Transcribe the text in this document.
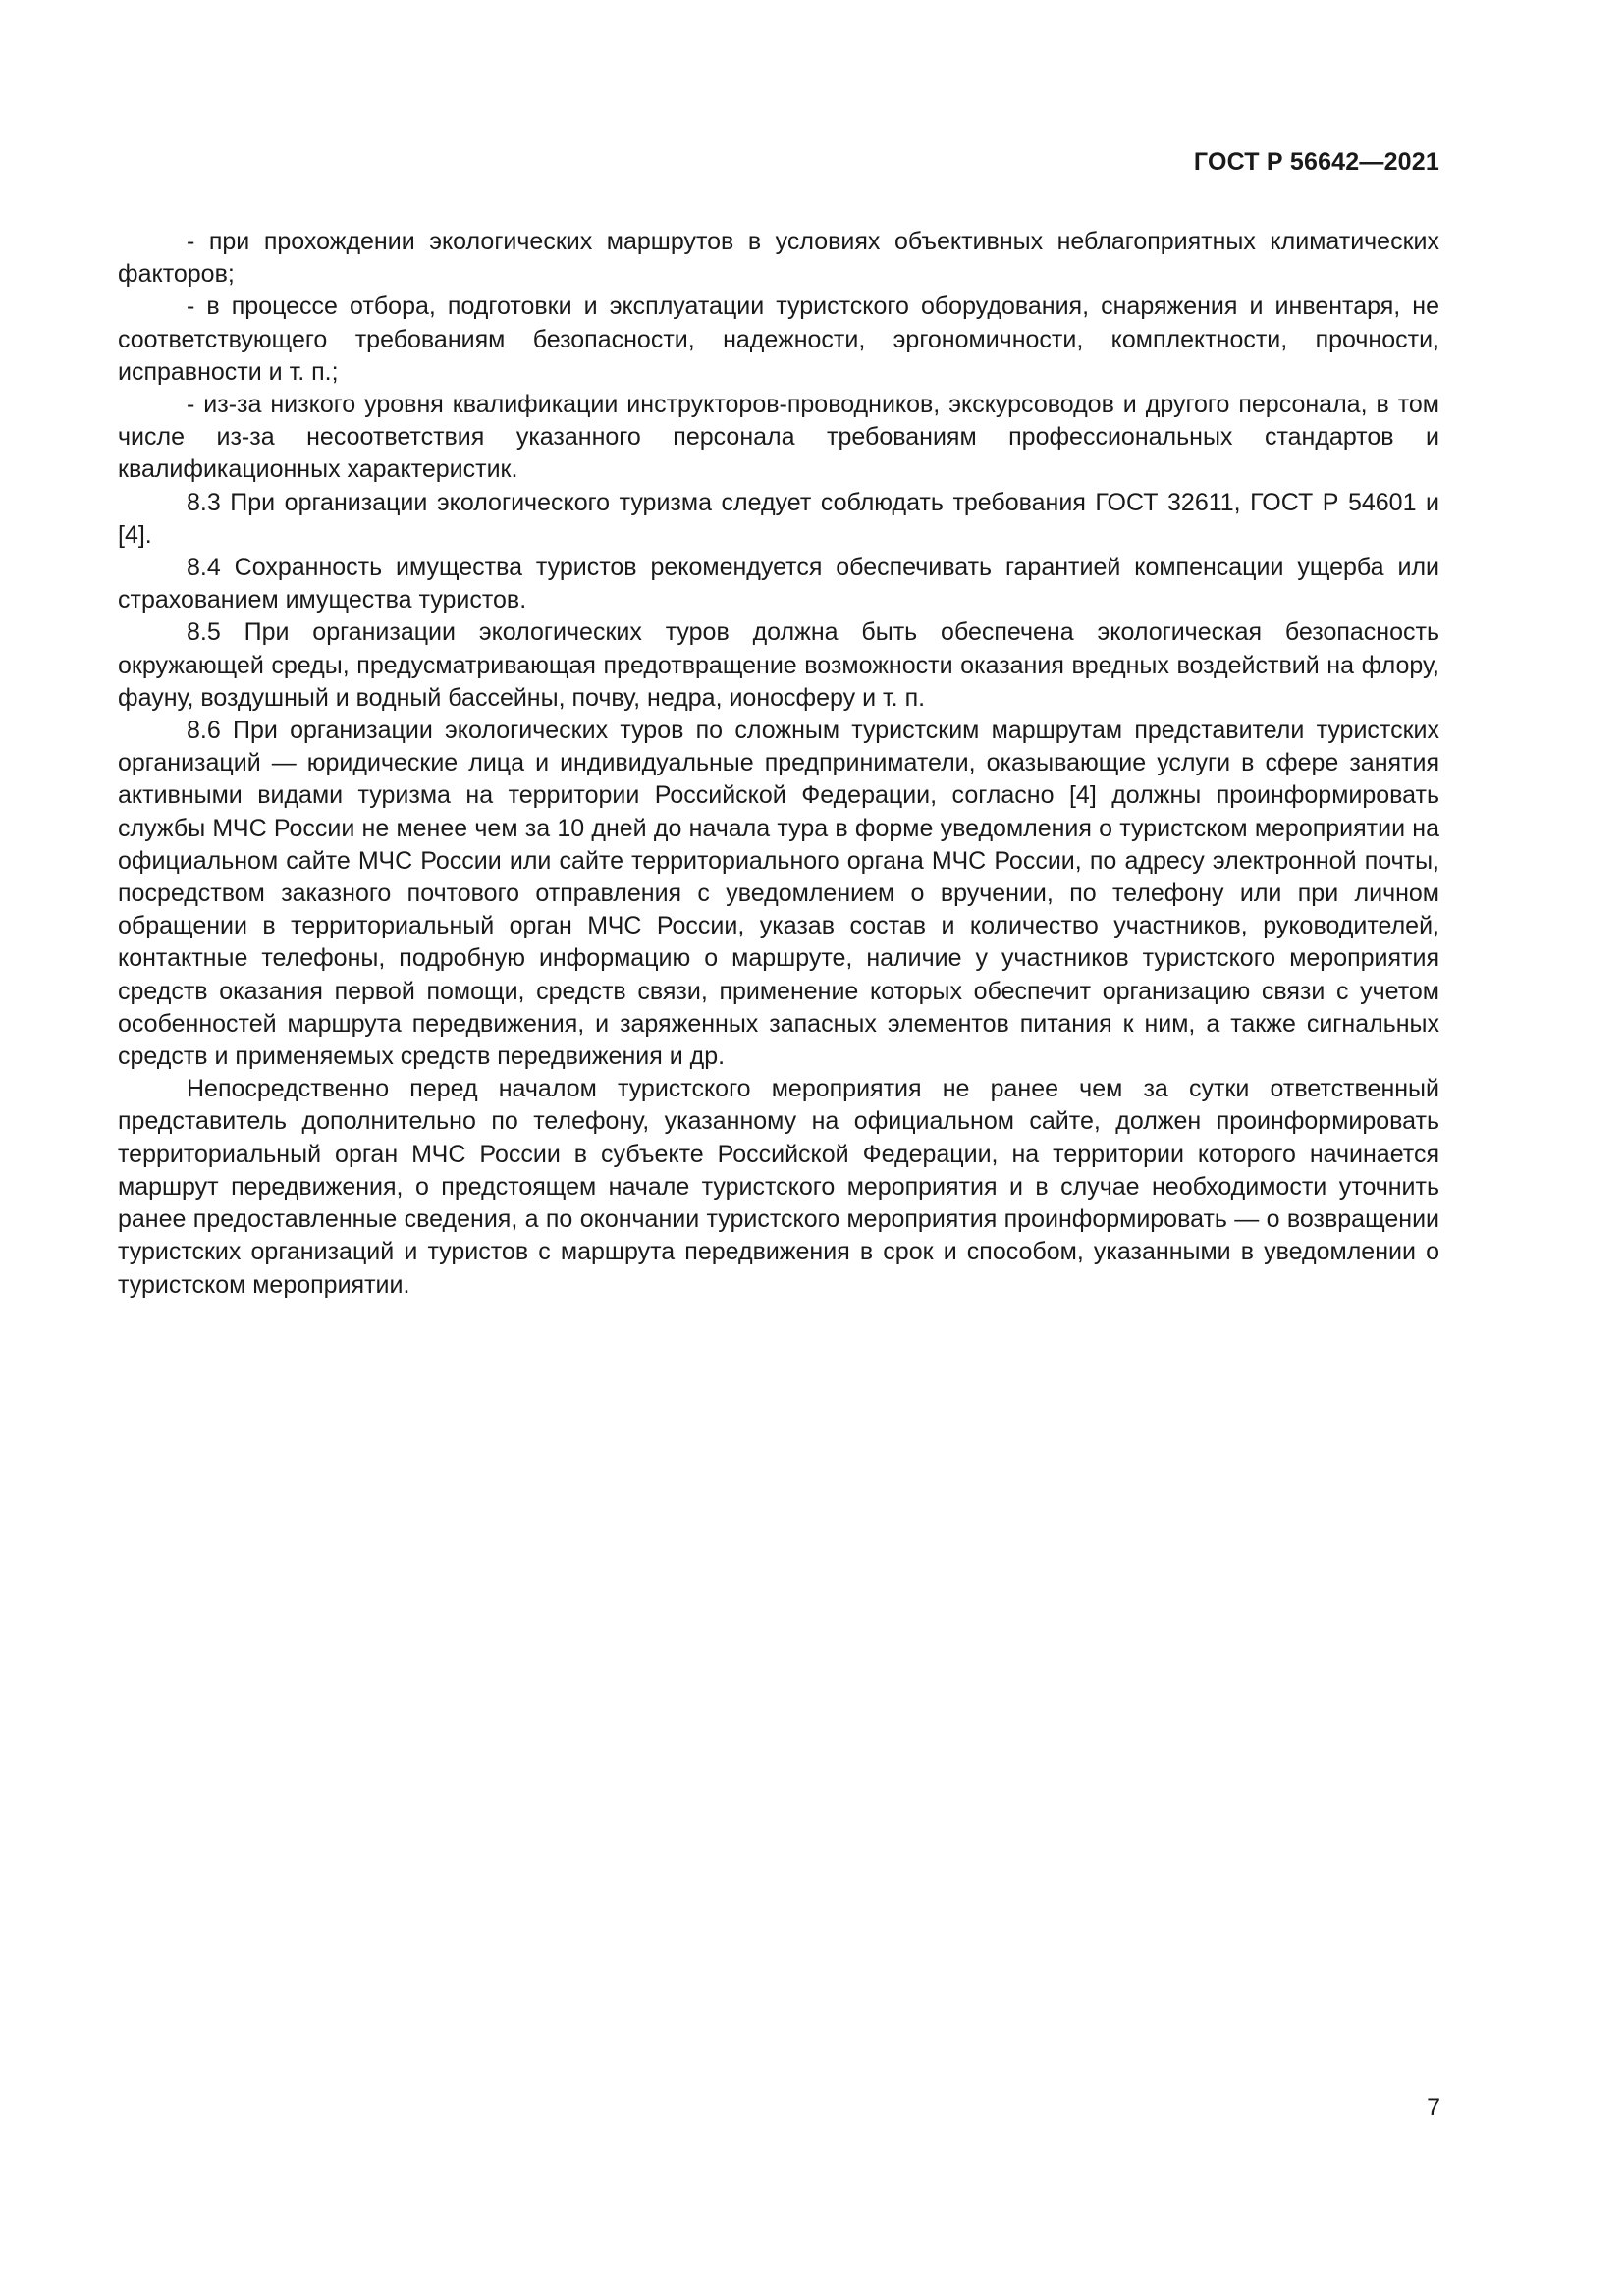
ГОСТ Р 56642—2021

- при прохождении экологических маршрутов в условиях объективных неблагоприятных климатических факторов;

- в процессе отбора, подготовки и эксплуатации туристского оборудования, снаряжения и инвентаря, не соответствующего требованиям безопасности, надежности, эргономичности, комплектности, прочности, исправности и т. п.;

- из-за низкого уровня квалификации инструкторов-проводников, экскурсоводов и другого персонала, в том числе из-за несоответствия указанного персонала требованиям профессиональных стандартов и квалификационных характеристик.

8.3 При организации экологического туризма следует соблюдать требования ГОСТ 32611, ГОСТ Р 54601 и [4].

8.4 Сохранность имущества туристов рекомендуется обеспечивать гарантией компенсации ущерба или страхованием имущества туристов.

8.5 При организации экологических туров должна быть обеспечена экологическая безопасность окружающей среды, предусматривающая предотвращение возможности оказания вредных воздействий на флору, фауну, воздушный и водный бассейны, почву, недра, ионосферу и т. п.

8.6 При организации экологических туров по сложным туристским маршрутам представители туристских организаций — юридические лица и индивидуальные предприниматели, оказывающие услуги в сфере занятия активными видами туризма на территории Российской Федерации, согласно [4] должны проинформировать службы МЧС России не менее чем за 10 дней до начала тура в форме уведомления о туристском мероприятии на официальном сайте МЧС России или сайте территориального органа МЧС России, по адресу электронной почты, посредством заказного почтового отправления с уведомлением о вручении, по телефону или при личном обращении в территориальный орган МЧС России, указав состав и количество участников, руководителей, контактные телефоны, подробную информацию о маршруте, наличие у участников туристского мероприятия средств оказания первой помощи, средств связи, применение которых обеспечит организацию связи с учетом особенностей маршрута передвижения, и заряженных запасных элементов питания к ним, а также сигнальных средств и применяемых средств передвижения и др.

Непосредственно перед началом туристского мероприятия не ранее чем за сутки ответственный представитель дополнительно по телефону, указанному на официальном сайте, должен проинформировать территориальный орган МЧС России в субъекте Российской Федерации, на территории которого начинается маршрут передвижения, о предстоящем начале туристского мероприятия и в случае необходимости уточнить ранее предоставленные сведения, а по окончании туристского мероприятия проинформировать — о возвращении туристских организаций и туристов с маршрута передвижения в срок и способом, указанными в уведомлении о туристском мероприятии.

7
